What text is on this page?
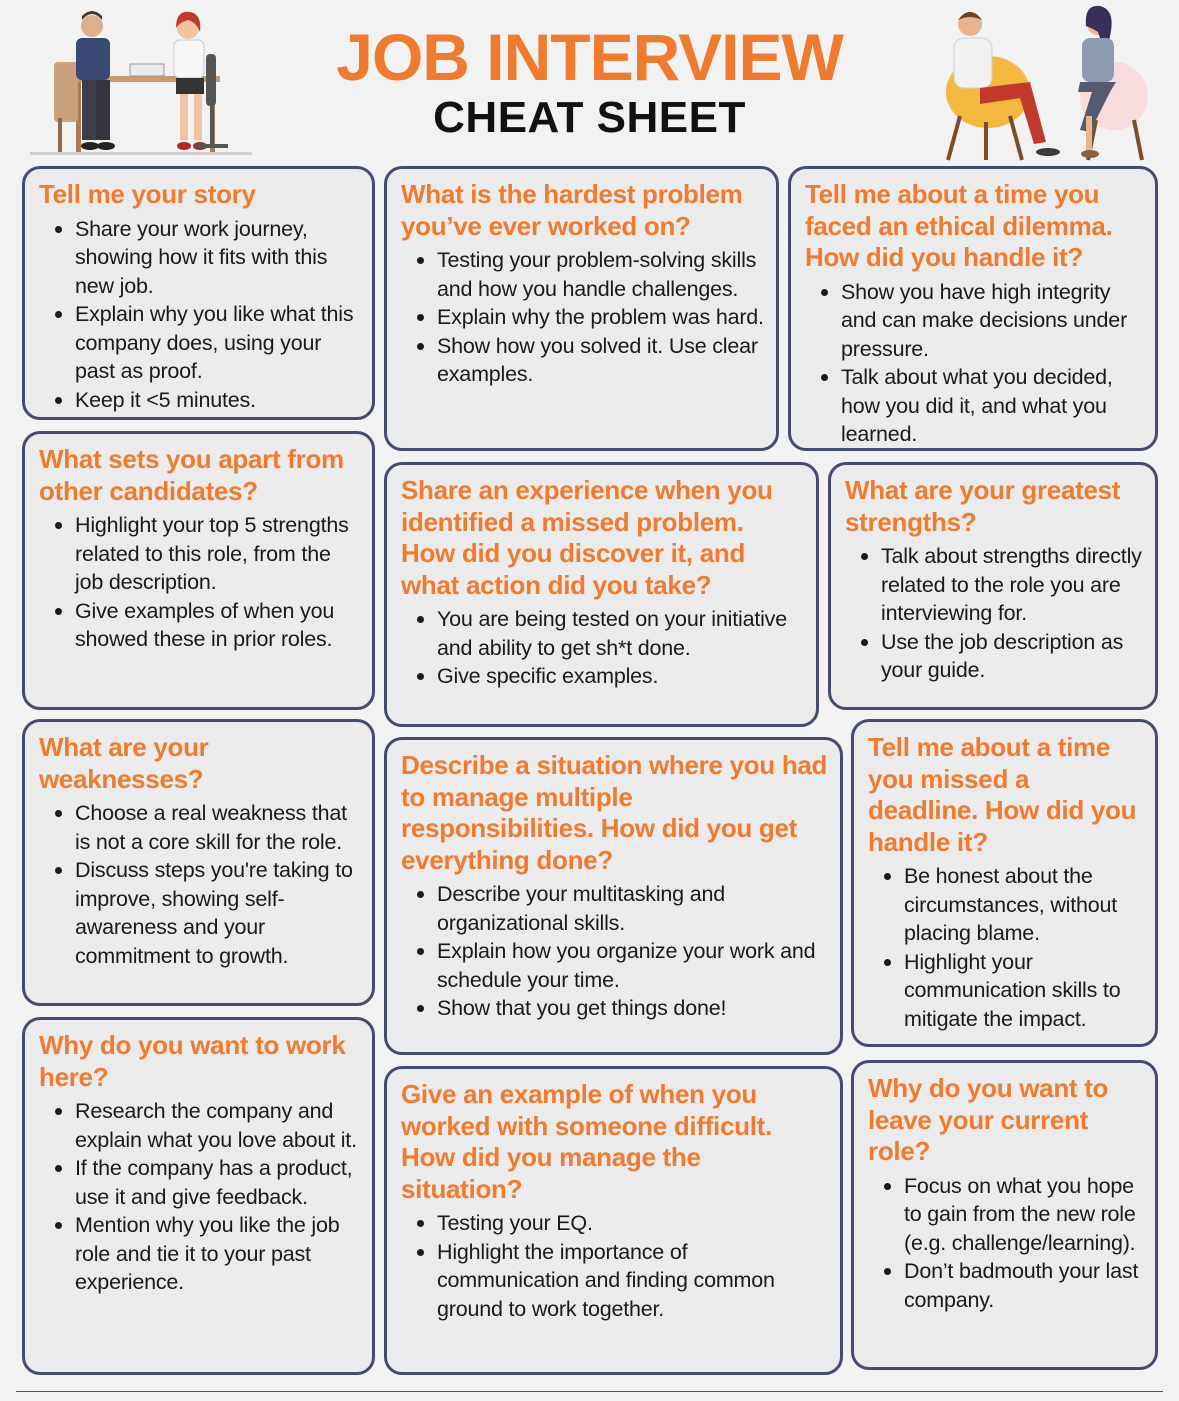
JOB INTERVIEW
CHEAT SHEET
Tell me your story
• Share your work journey, showing how it fits with this new job.
• Explain why you like what this company does, using your past as proof.
• Keep it <5 minutes.
What is the hardest problem you’ve ever worked on?
• Testing your problem-solving skills and how you handle challenges.
• Explain why the problem was hard.
• Show how you solved it. Use clear examples.
Tell me about a time you faced an ethical dilemma. How did you handle it?
• Show you have high integrity and can make decisions under pressure.
• Talk about what you decided, how you did it, and what you learned.
What sets you apart from other candidates?
• Highlight your top 5 strengths related to this role, from the job description.
• Give examples of when you showed these in prior roles.
Share an experience when you identified a missed problem. How did you discover it, and what action did you take?
• You are being tested on your initiative and ability to get sh*t done.
• Give specific examples.
What are your greatest strengths?
• Talk about strengths directly related to the role you are interviewing for.
• Use the job description as your guide.
What are your weaknesses?
• Choose a real weakness that is not a core skill for the role.
• Discuss steps you're taking to improve, showing self-awareness and your commitment to growth.
Describe a situation where you had to manage multiple responsibilities. How did you get everything done?
• Describe your multitasking and organizational skills.
• Explain how you organize your work and schedule your time.
• Show that you get things done!
Tell me about a time you missed a deadline. How did you handle it?
• Be honest about the circumstances, without placing blame.
• Highlight your communication skills to mitigate the impact.
Why do you want to work here?
• Research the company and explain what you love about it.
• If the company has a product, use it and give feedback.
• Mention why you like the job role and tie it to your past experience.
Give an example of when you worked with someone difficult. How did you manage the situation?
• Testing your EQ.
• Highlight the importance of communication and finding common ground to work together.
Why do you want to leave your current role?
• Focus on what you hope to gain from the new role (e.g. challenge/learning).
• Don’t badmouth your last company.
